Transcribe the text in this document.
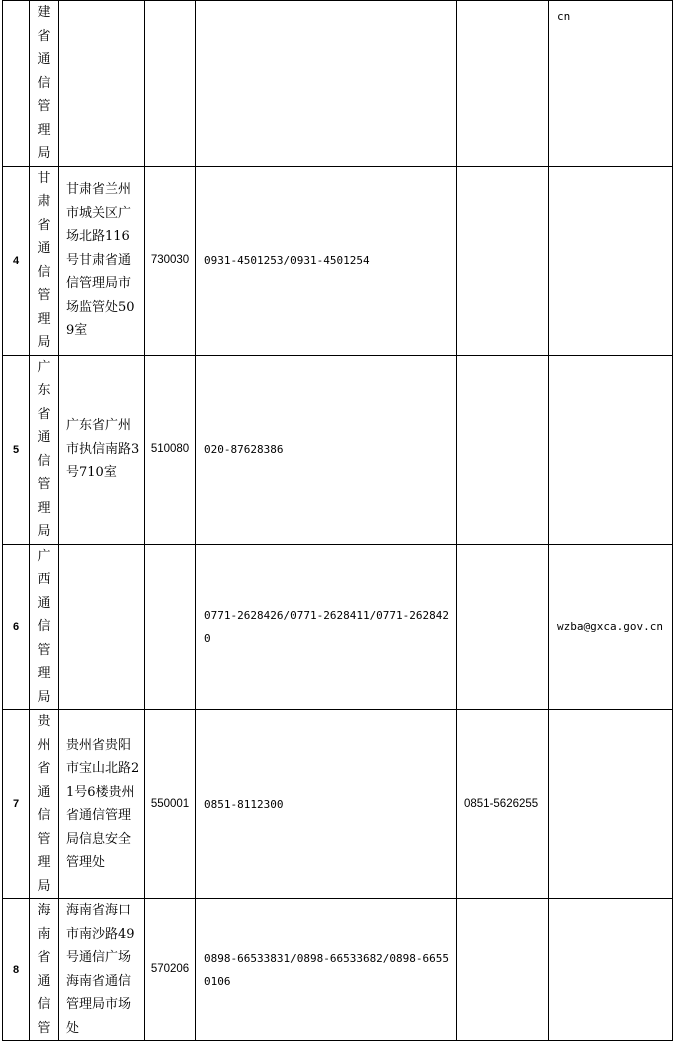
	建省通信管理局					cn

4	甘肃省通信管理局	甘肃省兰州市城关区广场北路116号甘肃省通信管理局市场监管处509室	730030	0931-4501253/0931-4501254		

5	广东省通信管理局	广东省广州市执信南路3号710室	510080	020-87628386		

6	广西通信管理局			0771-2628426/0771-2628411/0771-2628420		wzba@gxca.gov.cn

7	贵州省通信管理局	贵州省贵阳市宝山北路21号6楼贵州省通信管理局信息安全管理处	550001	0851-8112300	0851-5626255	

8	海南省通信管	海南省海口市南沙路49号通信广场海南省通信管理局市场处	570206	0898-66533831/0898-66533682/0898-66550106		
